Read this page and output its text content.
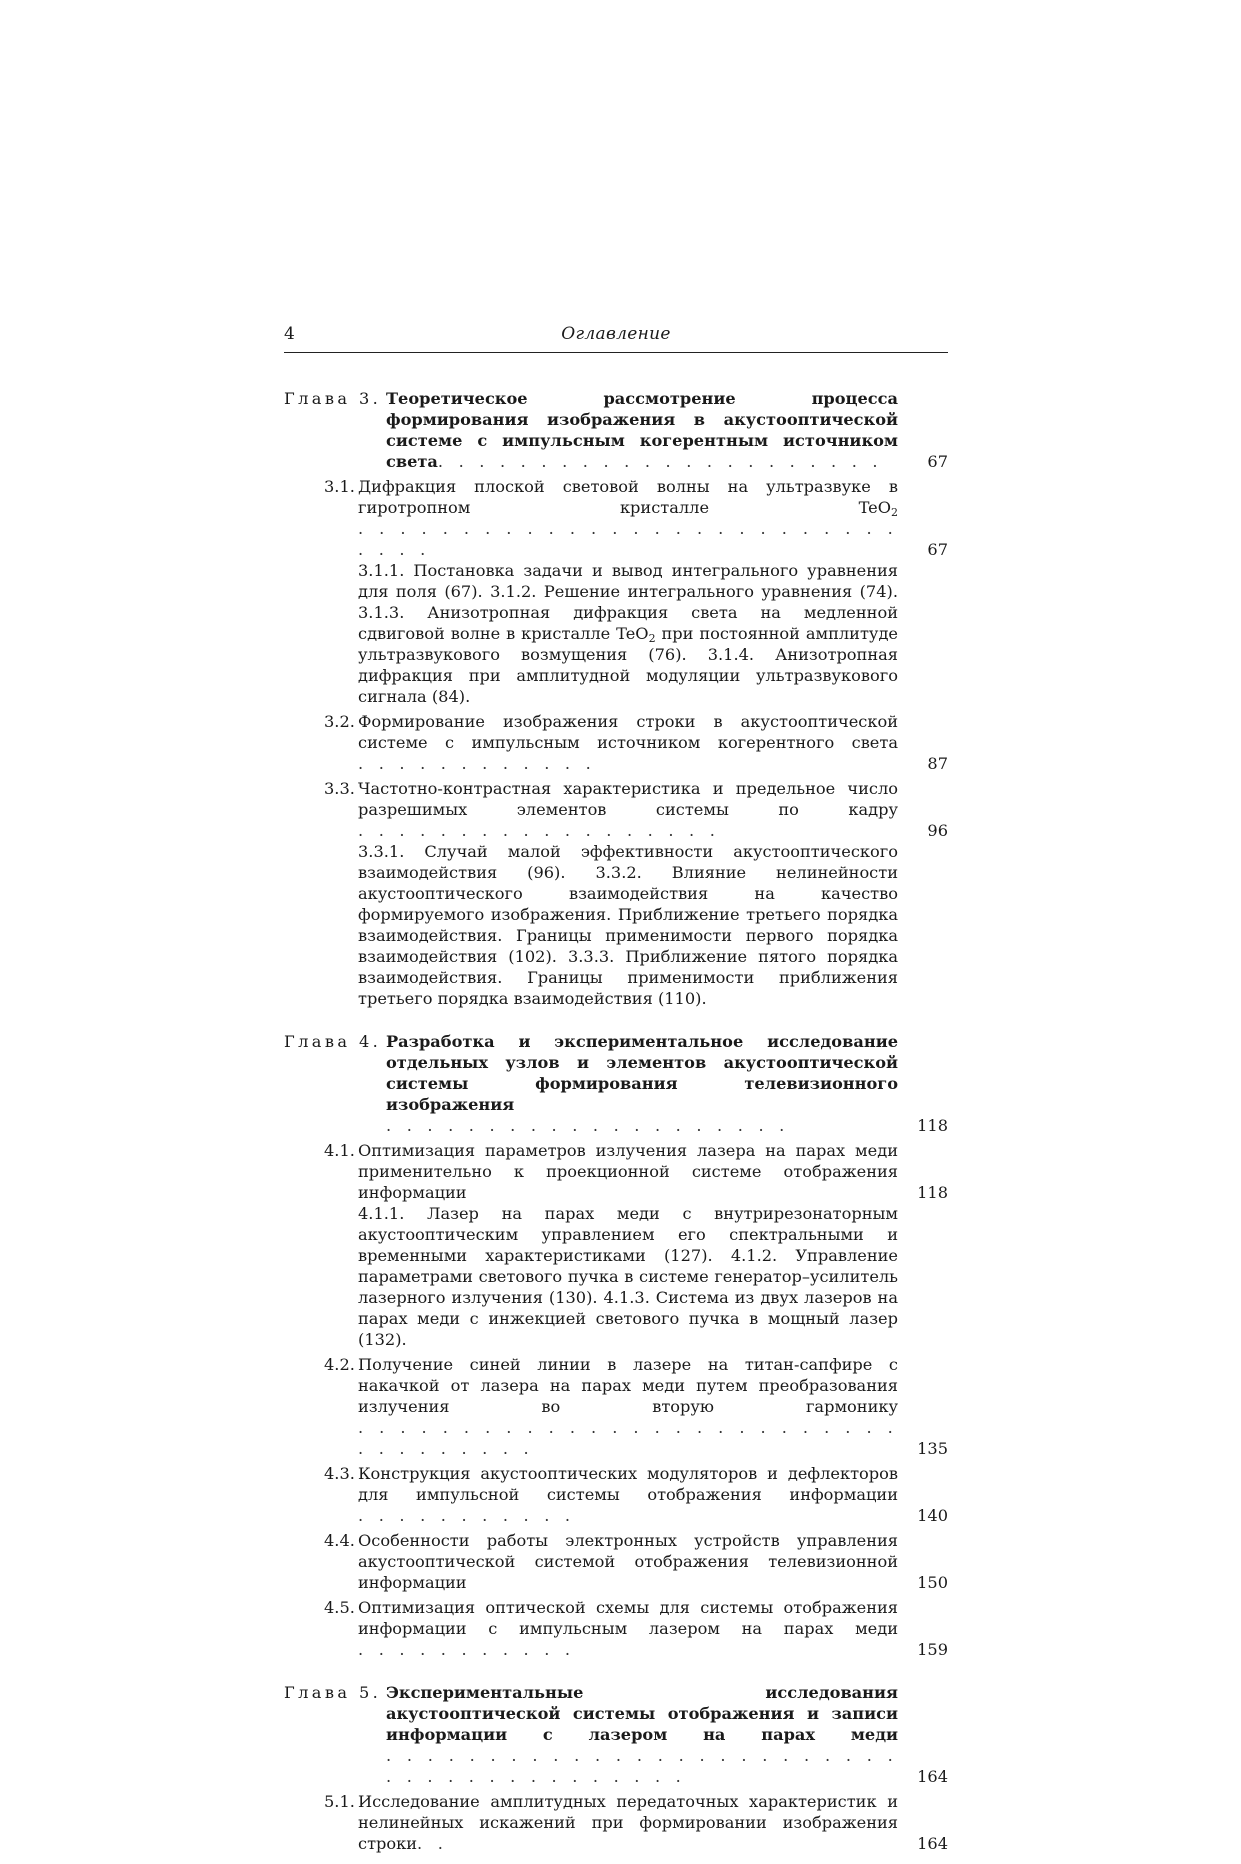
4	Оглавление
Глава 3. Теоретическое рассмотрение процесса формирования изображения в акустооптической системе с импульсным когерентным источником света. . . . . . . . . . . . . . . . . . . . . .	67
3.1. Дифракция плоской световой волны на ультразвуке в гиротропном кристалле TeO$_2$. . . . . . . . . . . . . . . . . . . . . . . . . . . . . .	67
3.1.1. Постановка задачи и вывод интегрального уравнения для поля (67). 3.1.2. Решение интегрального уравнения (74). 3.1.3. Анизотропная дифракция света на медленной сдвиговой волне в кристалле TeO$_2$ при постоянной амплитуде ультразвукового возмущения (76). 3.1.4. Анизотропная дифракция при амплитудной модуляции ультразвукового сигнала (84).
3.2. Формирование изображения строки в акустооптической системе с импульсным источником когерентного света. . . . . . . . . . . .	87
3.3. Частотно-контрастная характеристика и предельное число разрешимых элементов системы по кадру. . . . . . . . . . . . . . . . . .	96
3.3.1. Случай малой эффективности акустооптического взаимодействия (96). 3.3.2. Влияние нелинейности акустооптического взаимодействия на качество формируемого изображения. Приближение третьего порядка взаимодействия. Границы применимости первого порядка взаимодействия (102). 3.3.3. Приближение пятого порядка взаимодействия. Границы применимости приближения третьего порядка взаимодействия (110).
Глава 4. Разработка и экспериментальное исследование отдельных узлов и элементов акустооптической системы формирования телевизионного изображения. . . . . . . . . . . . . . . . . . . .	118
4.1. Оптимизация параметров излучения лазера на парах меди применительно к проекционной системе отображения информации	118
4.1.1. Лазер на парах меди с внутрирезонаторным акустооптическим управлением его спектральными и временными характеристиками (127). 4.1.2. Управление параметрами светового пучка в системе генератор–усилитель лазерного излучения (130). 4.1.3. Система из двух лазеров на парах меди с инжекцией светового пучка в мощный лазер (132).
4.2. Получение синей линии в лазере на титан-сапфире с накачкой от лазера на парах меди путем преобразования излучения во вторую гармонику. . . . . . . . . . . . . . . . . . . . . . . . . . . . . . . . . . .	135
4.3. Конструкция акустооптических модуляторов и дефлекторов для импульсной системы отображения информации. . . . . . . . . . .	140
4.4. Особенности работы электронных устройств управления акустооптической системой отображения телевизионной информации	150
4.5. Оптимизация оптической схемы для системы отображения информации с импульсным лазером на парах меди. . . . . . . . . . .	159
Глава 5. Экспериментальные исследования акустооптической системы отображения и записи информации с лазером на парах меди. . . . . . . . . . . . . . . . . . . . . . . . . . . . . . . . . . . . . . . .	164
5.1. Исследование амплитудных передаточных характеристик и нелинейных искажений при формировании изображения строки. .	164
